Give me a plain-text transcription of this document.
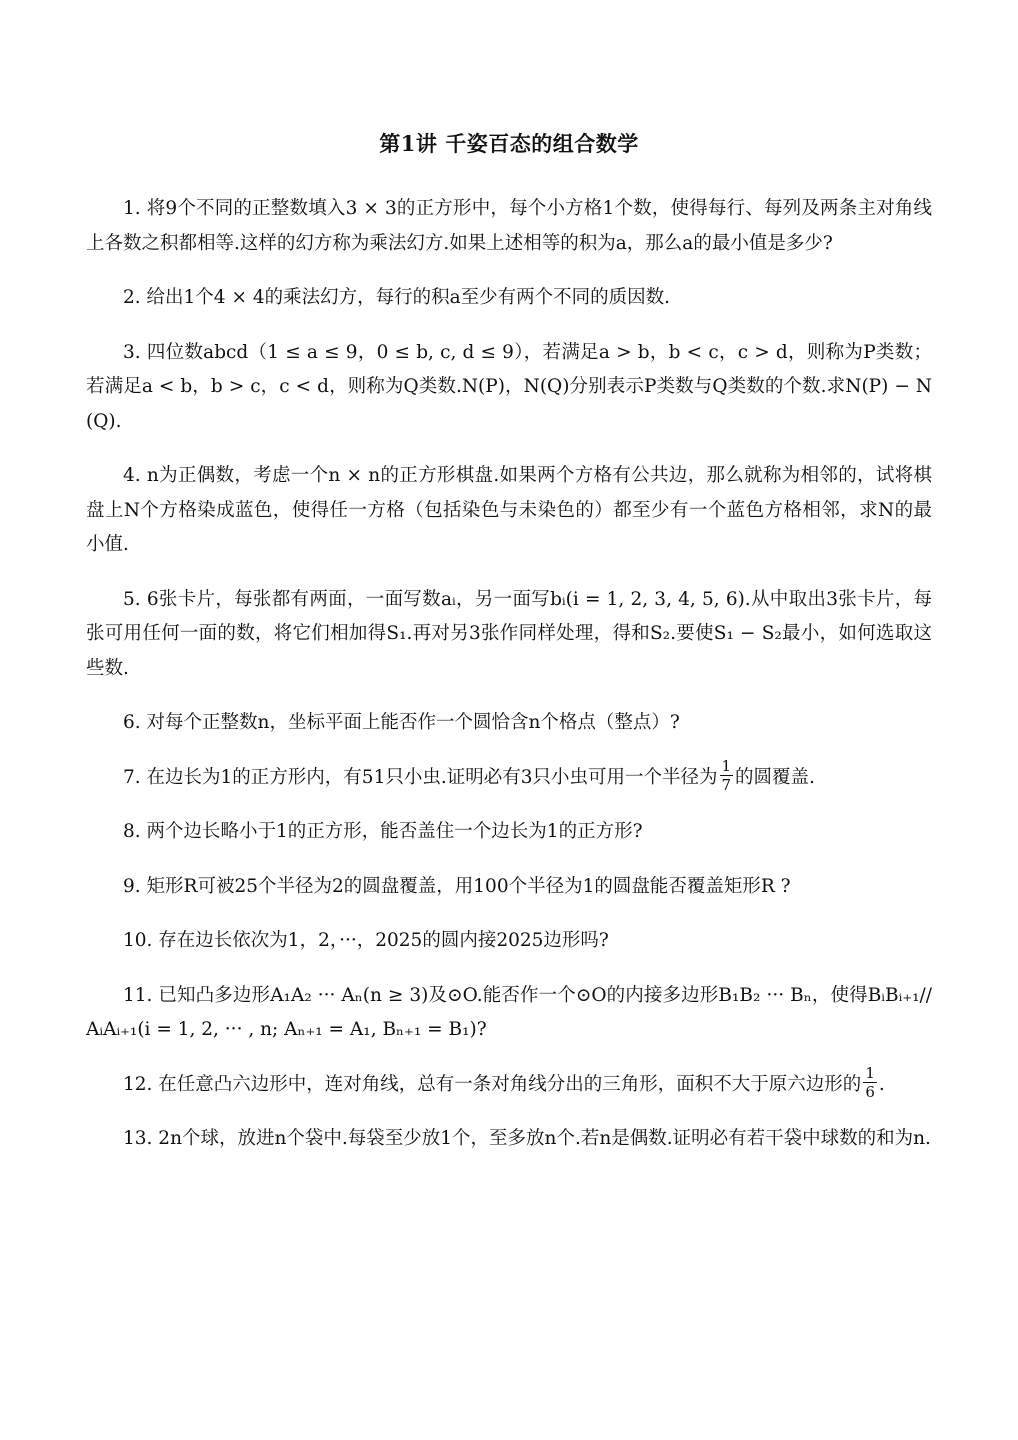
第1讲 千姿百态的组合数学

1. 将9个不同的正整数填入3 × 3的正方形中，每个小方格1个数，使得每行、每列及两条主对角线上各数之积都相等.这样的幻方称为乘法幻方.如果上述相等的积为a，那么a的最小值是多少?

2. 给出1个4 × 4的乘法幻方，每行的积a至少有两个不同的质因数.

3. 四位数abcd（1 ≤ a ≤ 9，0 ≤ b, c, d ≤ 9），若满足a > b，b < c，c > d，则称为P类数；若满足a < b，b > c，c < d，则称为Q类数.N(P)，N(Q)分别表示P类数与Q类数的个数.求N(P) − N(Q).

4. n为正偶数，考虑一个n × n的正方形棋盘.如果两个方格有公共边，那么就称为相邻的，试将棋盘上N个方格染成蓝色，使得任一方格（包括染色与未染色的）都至少有一个蓝色方格相邻，求N的最小值.

5. 6张卡片，每张都有两面，一面写数aᵢ，另一面写bᵢ(i = 1, 2, 3, 4, 5, 6).从中取出3张卡片，每张可用任何一面的数，将它们相加得S₁.再对另3张作同样处理，得和S₂.要使S₁ − S₂最小，如何选取这些数.

6. 对每个正整数n，坐标平面上能否作一个圆恰含n个格点（整点）?

7. 在边长为1的正方形内，有51只小虫.证明必有3只小虫可用一个半径为 $\frac{1}{7}$ 的圆覆盖.

8. 两个边长略小于1的正方形，能否盖住一个边长为1的正方形?

9. 矩形R可被25个半径为2的圆盘覆盖，用100个半径为1的圆盘能否覆盖矩形R ?

10. 存在边长依次为1，2，···，2025的圆内接2025边形吗?

11. 已知凸多边形A₁A₂ ··· Aₙ(n ≥ 3)及⊙O.能否作一个⊙O的内接多边形B₁B₂ ··· Bₙ，使得BᵢBᵢ₊₁//AᵢAᵢ₊₁(i = 1, 2, ··· , n; Aₙ₊₁ = A₁, Bₙ₊₁ = B₁)?

12. 在任意凸六边形中，连对角线，总有一条对角线分出的三角形，面积不大于原六边形的 $\frac{1}{6}$ .

13. 2n个球，放进n个袋中.每袋至少放1个，至多放n个.若n是偶数.证明必有若干袋中球数的和为n.
